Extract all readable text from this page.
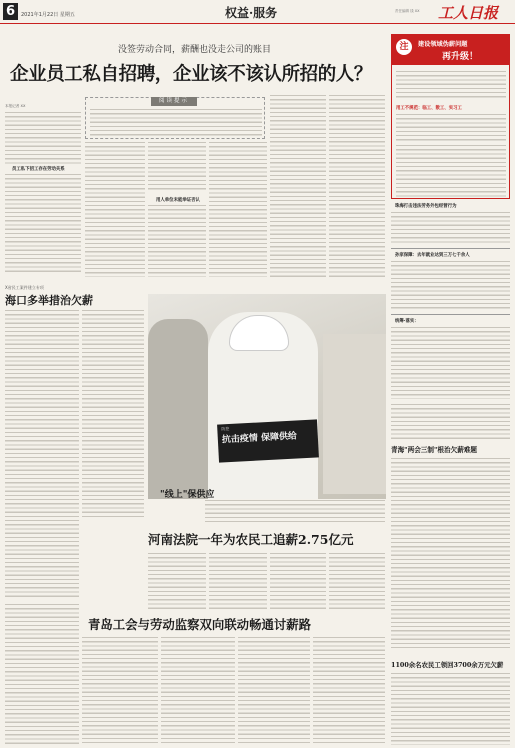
6	2021年1月22日 星期五	权益·服务	责任编辑 钱 XX 工人日报
没签劳动合同，薪酬也没走公司的账目
企业员工私自招聘，企业该不该认所招的人？
本报记者 XX
员工私下招工存在劳动关系
阅读提示
用人单位未能举证否认
注	建设领域伪薪问题
再升级！
用工不规范：临工、散工、实习工
珠海打击违法劳务外包经营行为
孙家保障：去年就业达到三万七千余人
统筹·落实：
X省民工案件建立专项
海口多举措治欠薪
防控
抗击疫情 保障供给
"线上"保供应
青海"两会三制"根治欠薪难题
河南法院一年为农民工追薪2.75亿元
青岛工会与劳动监察双向联动畅通讨薪路
1100余名农民工领回3700余万元欠薪
